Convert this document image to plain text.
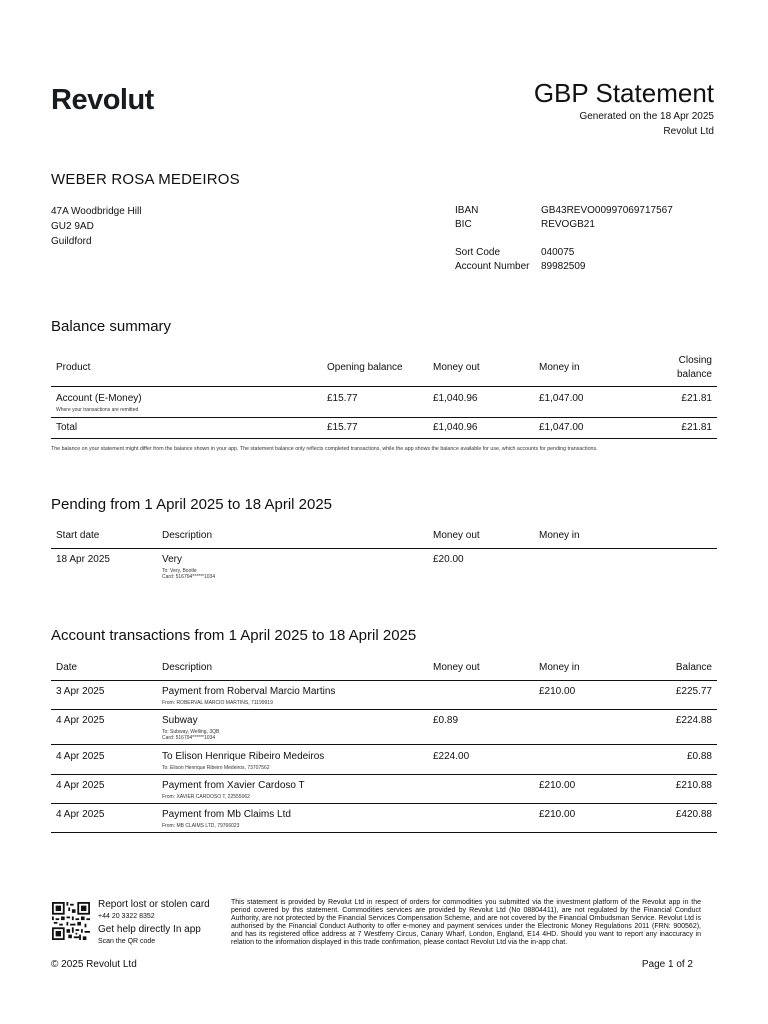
Revolut	GBP Statement
Generated on the 18 Apr 2025
Revolut Ltd
WEBER ROSA MEDEIROS
47A Woodbridge Hill
GU2 9AD
Guildford
IBAN	GB43REVO00997069717567
BIC	REVOGB21
Sort Code	040075
Account Number	89982509
Balance summary
Product	Opening balance	Money out	Money in	Closing
balance

Account (E-Money)
Where your transactions are remitted	£15.77	£1,040.96	£1,047.00	£21.81
Total	£15.77	£1,040.96	£1,047.00	£21.81
The balance on your statement might differ from the balance shown in your app. The statement balance only reflects completed transactions, while the app shows the balance available for use, which accounts for pending transactions.
Pending from 1 April 2025 to 18 April 2025
Start date	Description	Money out	Money in
18 Apr 2025	Very
To: Very, Bootle
Card: 516794******1034	£20.00	
Account transactions from 1 April 2025 to 18 April 2025
Date	Description	Money out	Money in	Balance
3 Apr 2025	Payment from Roberval Marcio Martins
From: ROBERVAL MARCIO MARTINS, 71199919		£210.00	£225.77
4 Apr 2025	Subway
To: Subway, Welling, 3QB
Card: 516794******1034	£0.89		£224.88
4 Apr 2025	To Elison Henrique Ribeiro Medeiros
To: Elison Henrique Ribeiro Medeiros, 73707562	£224.00		£0.88
4 Apr 2025	Payment from Xavier Cardoso T
From: XAVIER CARDOSO T, 22555062		£210.00	£210.88
4 Apr 2025	Payment from Mb Claims Ltd
From: MB CLAIMS LTD, 79766023		£210.00	£420.88
Report lost or stolen card
+44 20 3322 8352
Get help directly In app
Scan the QR code
This statement is provided by Revolut Ltd in respect of orders for commodities you submitted via the investment platform of the Revolut app in the period covered by this statement. Commodities services are provided by Revolut Ltd (No 08804411), are not regulated by the Financial Conduct Authority, are not protected by the Financial Services Compensation Scheme, and are not covered by the Financial Ombudsman Service. Revolut Ltd is authorised by the Financial Conduct Authority to offer e-money and payment services under the Electronic Money Regulations 2011 (FRN: 900562), and has its registered office address at 7 Westferry Circus, Canary Wharf, London, England, E14 4HD. Should you want to report any inaccuracy in relation to the information displayed in this trade confirmation, please contact Revolut Ltd via the in-app chat.
© 2025 Revolut Ltd	Page 1 of 2
